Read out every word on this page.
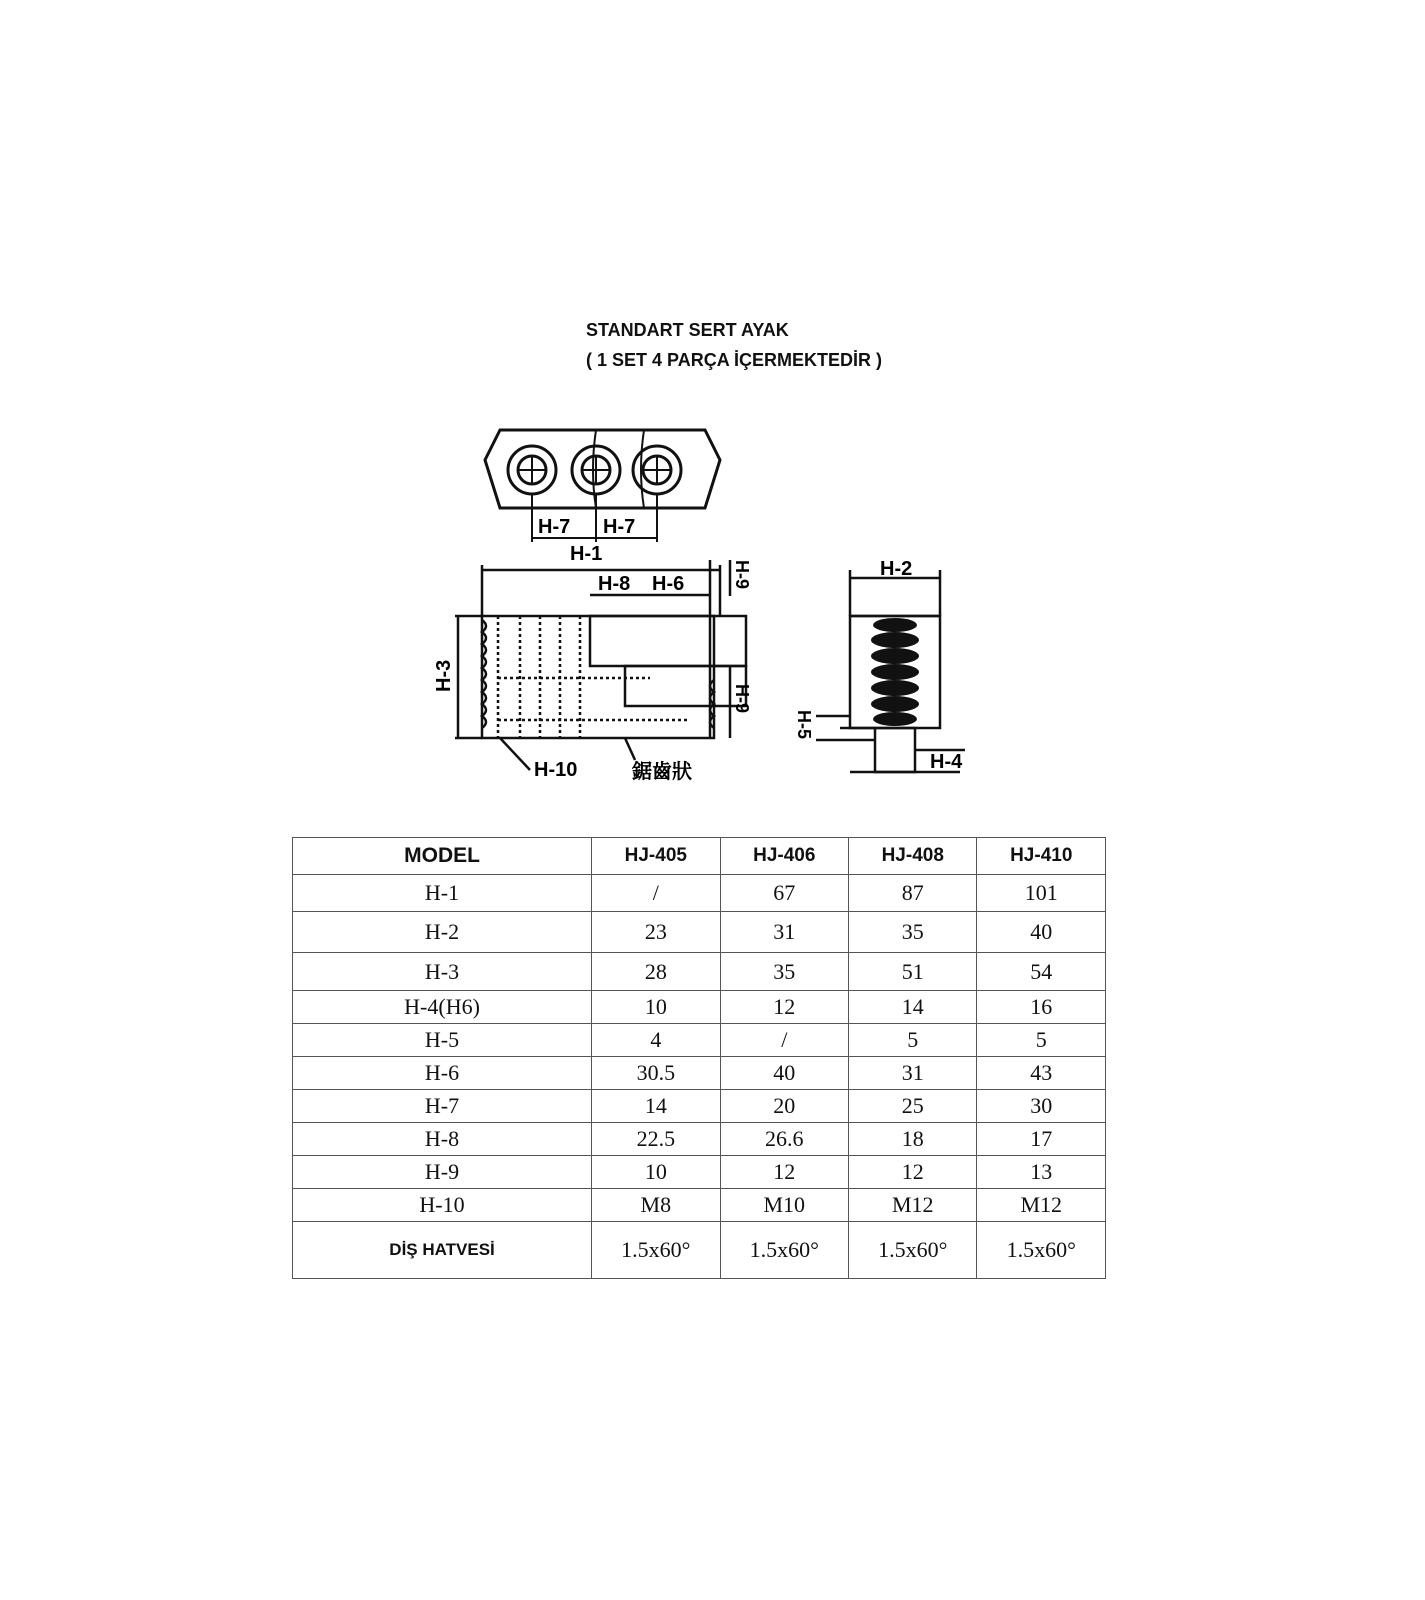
STANDART SERT AYAK
( 1 SET 4 PARÇA İÇERMEKTEDİR )
H-7 H-7
H-1
H-8 H-6	H-9
H-9
H-3
H-10	鋸齒狀
H-2
H-5
H-4
MODEL	HJ-405	HJ-406	HJ-408	HJ-410
H-1	/	67	87	101
H-2	23	31	35	40
H-3	28	35	51	54
H-4(H6)	10	12	14	16
H-5	4	/	5	5
H-6	30.5	40	31	43
H-7	14	20	25	30
H-8	22.5	26.6	18	17
H-9	10	12	12	13
H-10	M8	M10	M12	M12
DİŞ HATVESİ	1.5x60°	1.5x60°	1.5x60°	1.5x60°
